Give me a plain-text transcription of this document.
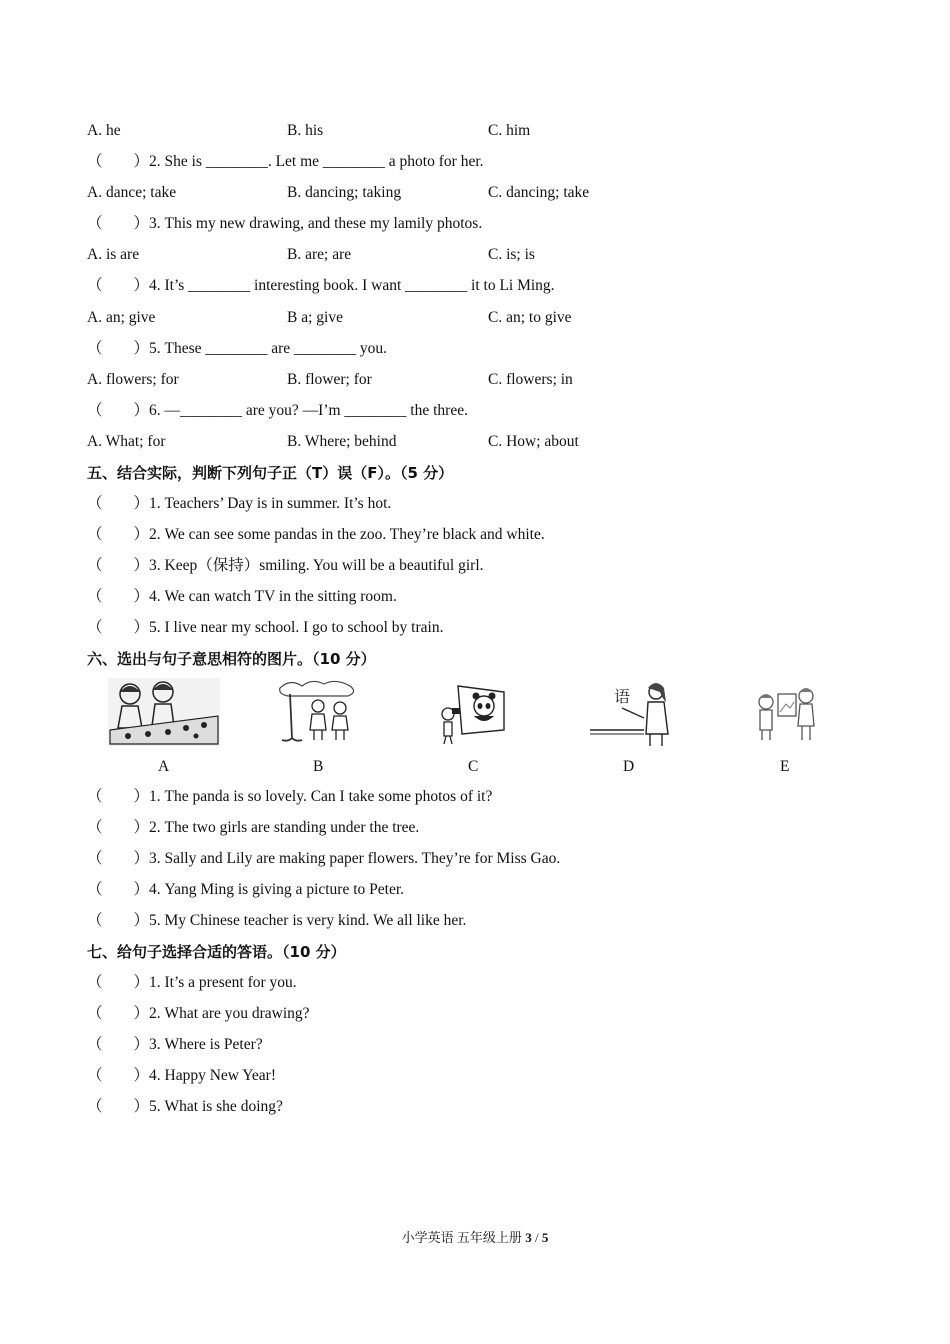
A. he	B. his	C. him
（　　）2. She is ________. Let me ________ a photo for her.
A. dance; take	B. dancing; taking	C. dancing; take
（　　）3. This my new drawing, and these my lamily photos.
A. is are	B. are; are	C. is; is
（　　）4. It’s ________ interesting book. I want ________ it to Li Ming.
A. an; give	B a; give	C. an; to give
（　　）5. These ________ are ________ you.
A. flowers; for	B. flower; for	C. flowers; in
（　　）6. —________ are you? —I’m ________ the three.
A. What; for	B. Where; behind	C. How; about
五、结合实际，判断下列句子正（T）误（F）。（5 分）
（　　）1. Teachers’ Day is in summer. It’s hot.
（　　）2. We can see some pandas in the zoo. They’re black and white.
（　　）3. Keep（保持）smiling. You will be a beautiful girl.
（　　）4. We can watch TV in the sitting room.
（　　）5. I live near my school. I go to school by train.
六、选出与句子意思相符的图片。（10 分）
A	B	C
语
D	E
（　　）1. The panda is so lovely. Can I take some photos of it?
（　　）2. The two girls are standing under the tree.
（　　）3. Sally and Lily are making paper flowers. They’re for Miss Gao.
（　　）4. Yang Ming is giving a picture to Peter.
（　　）5. My Chinese teacher is very kind. We all like her.
七、给句子选择合适的答语。（10 分）
（　　）1. It’s a present for you.
（　　）2. What are you drawing?
（　　）3. Where is Peter?
（　　）4. Happy New Year!
（　　）5. What is she doing?
小学英语 五年级上册 3 / 5
